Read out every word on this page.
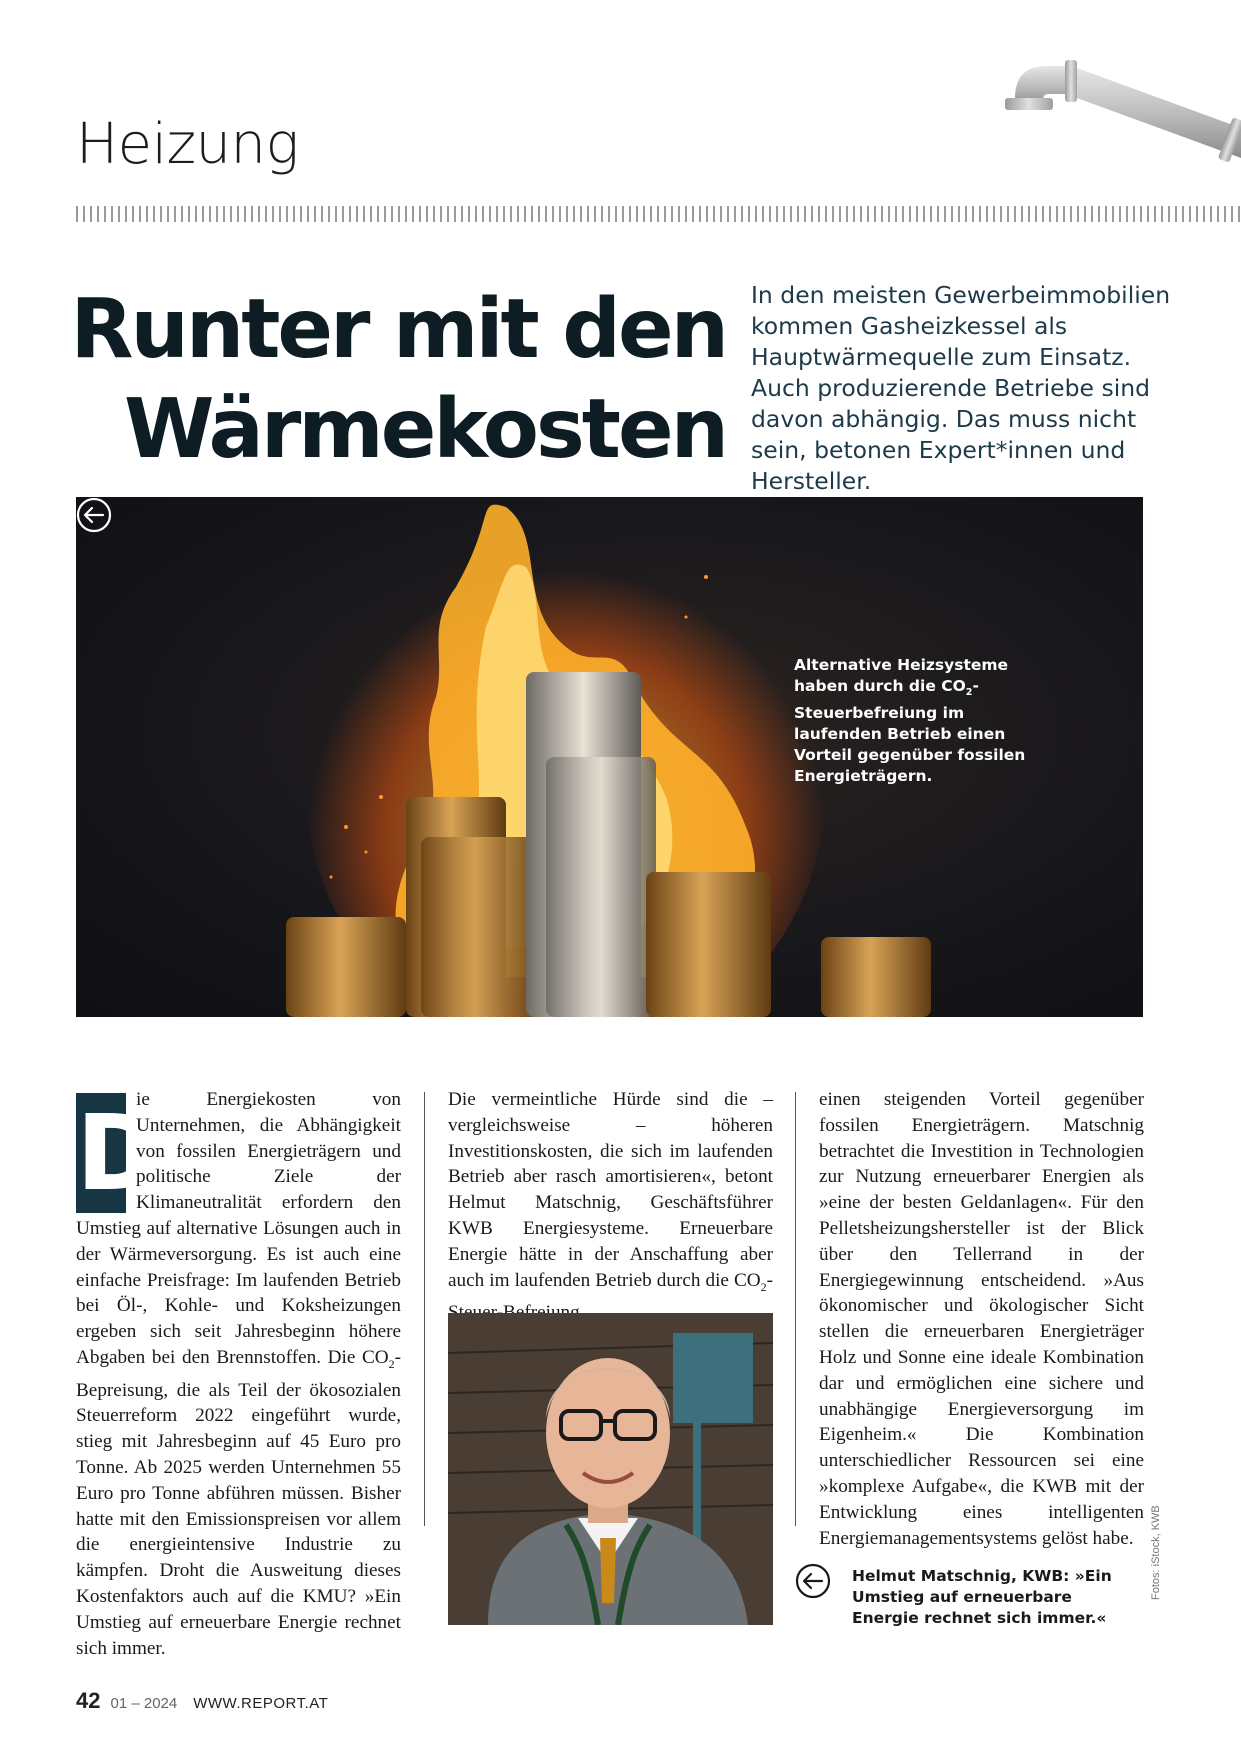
Heizung
Runter mit den
Wärmekosten

In den meisten Gewerbeimmobilien kommen Gasheizkessel als Hauptwärmequelle zum Einsatz. Auch produzierende Betriebe sind davon abhängig. Das muss nicht sein, betonen Expert*innen und Hersteller.

Alternative Heizsysteme haben durch die $CO_2$-Steuerbefreiung im laufenden Betrieb einen Vorteil gegenüber fossilen Energieträgern.
D

ie Energiekosten von Unternehmen, die Abhängigkeit von fossilen Energieträgern und politische Ziele der Klimaneutralität erfordern den Umstieg auf alternative Lösungen auch in der Wärmeversorgung. Es ist auch eine einfache Preisfrage: Im laufenden Betrieb bei Öl-, Kohle- und Koksheizungen ergeben sich seit Jahresbeginn höhere Abgaben bei den Brennstoffen. Die $CO_2$-Bepreisung, die als Teil der ökosozialen Steuerreform 2022 eingeführt wurde, stieg mit Jahresbeginn auf 45 Euro pro Tonne. Ab 2025 werden Unternehmen 55 Euro pro Tonne abführen müssen. Bisher hatte mit den Emissionspreisen vor allem die energieintensive Industrie zu kämpfen. Droht die Ausweitung dieses Kostenfaktors auch auf die KMU? »Ein Umstieg auf erneuerbare Energie rechnet sich immer.

Die vermeintliche Hürde sind die – vergleichsweise – höheren Investitionskosten, die sich im laufenden Betrieb aber rasch amortisieren«, betont Helmut Matschnig, Geschäftsführer KWB Energiesysteme. Erneuerbare Energie hätte in der Anschaffung aber auch im laufenden Betrieb durch die $CO_2-$

einen steigenden Vorteil gegenüber fossilen Energieträgern. Matschnig betrachtet die Investition in Technologien zur Nutzung erneuerbarer Energien als »eine der besten Geldanlagen«. Für den Pelletsheizungshersteller ist der Blick über den Tellerrand in der Energiegewinnung entscheidend. »Aus ökonomischer und ökologischer Sicht stellen die erneuerbaren Energieträger Holz und Sonne eine ideale Kombination dar und ermöglichen eine sichere und unabhängige Energieversorgung im Eigenheim.« Die Kombination unterschiedlicher Ressourcen sei eine »komplexe Aufgabe«, die KWB mit der Entwicklung eines intelligenten Energiemanagementsystems gelöst habe.

Helmut Matschnig, KWB: »Ein Umstieg auf erneuerbare Energie rechnet sich immer.«
Fotos: iStock, KWB
42 01 – 2024 WWW.REPORT.AT
